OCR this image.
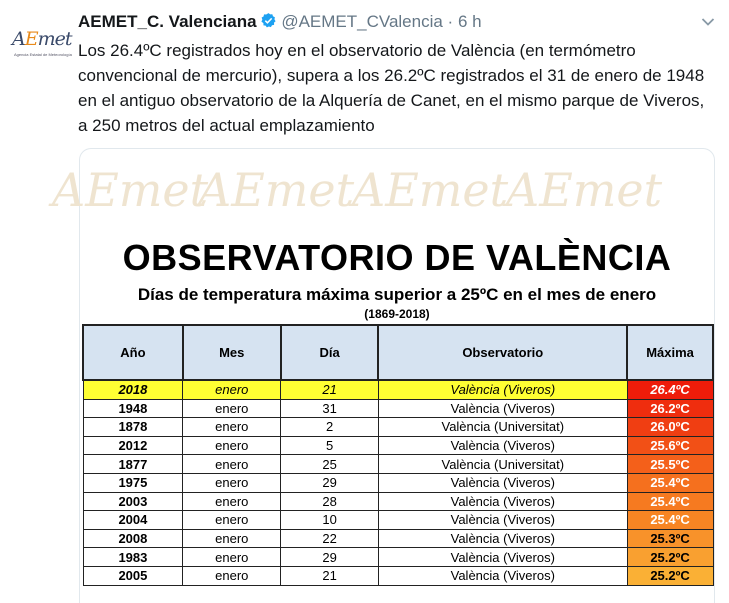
AEmet
Agencia Estatal de Meteorología
AEMET_C. Valenciana @AEMET_CValencia · 6 h
Los 26.4ºC registrados hoy en el observatorio de València (en termómetro convencional de mercurio), supera a los 26.2ºC registrados el 31 de enero de 1948 en el antiguo observatorio de la Alquería de Canet, en el mismo parque de Viveros, a 250 metros del actual emplazamiento
AEmet
AEmet
AEmet
AEmet
OBSERVATORIO DE VALÈNCIA
Días de temperatura máxima superior a 25ºC en el mes de enero
(1869-2018)
Año	Mes	Día	Observatorio	Máxima
2018	enero	21	València (Viveros)	26.4ºC
1948	enero	31	València (Viveros)	26.2ºC
1878	enero	2	València (Universitat)	26.0ºC
2012	enero	5	València (Viveros)	25.6ºC
1877	enero	25	València (Universitat)	25.5ºC
1975	enero	29	València (Viveros)	25.4ºC
2003	enero	28	València (Viveros)	25.4ºC
2004	enero	10	València (Viveros)	25.4ºC
2008	enero	22	València (Viveros)	25.3ºC
1983	enero	29	València (Viveros)	25.2ºC
2005	enero	21	València (Viveros)	25.2ºC
